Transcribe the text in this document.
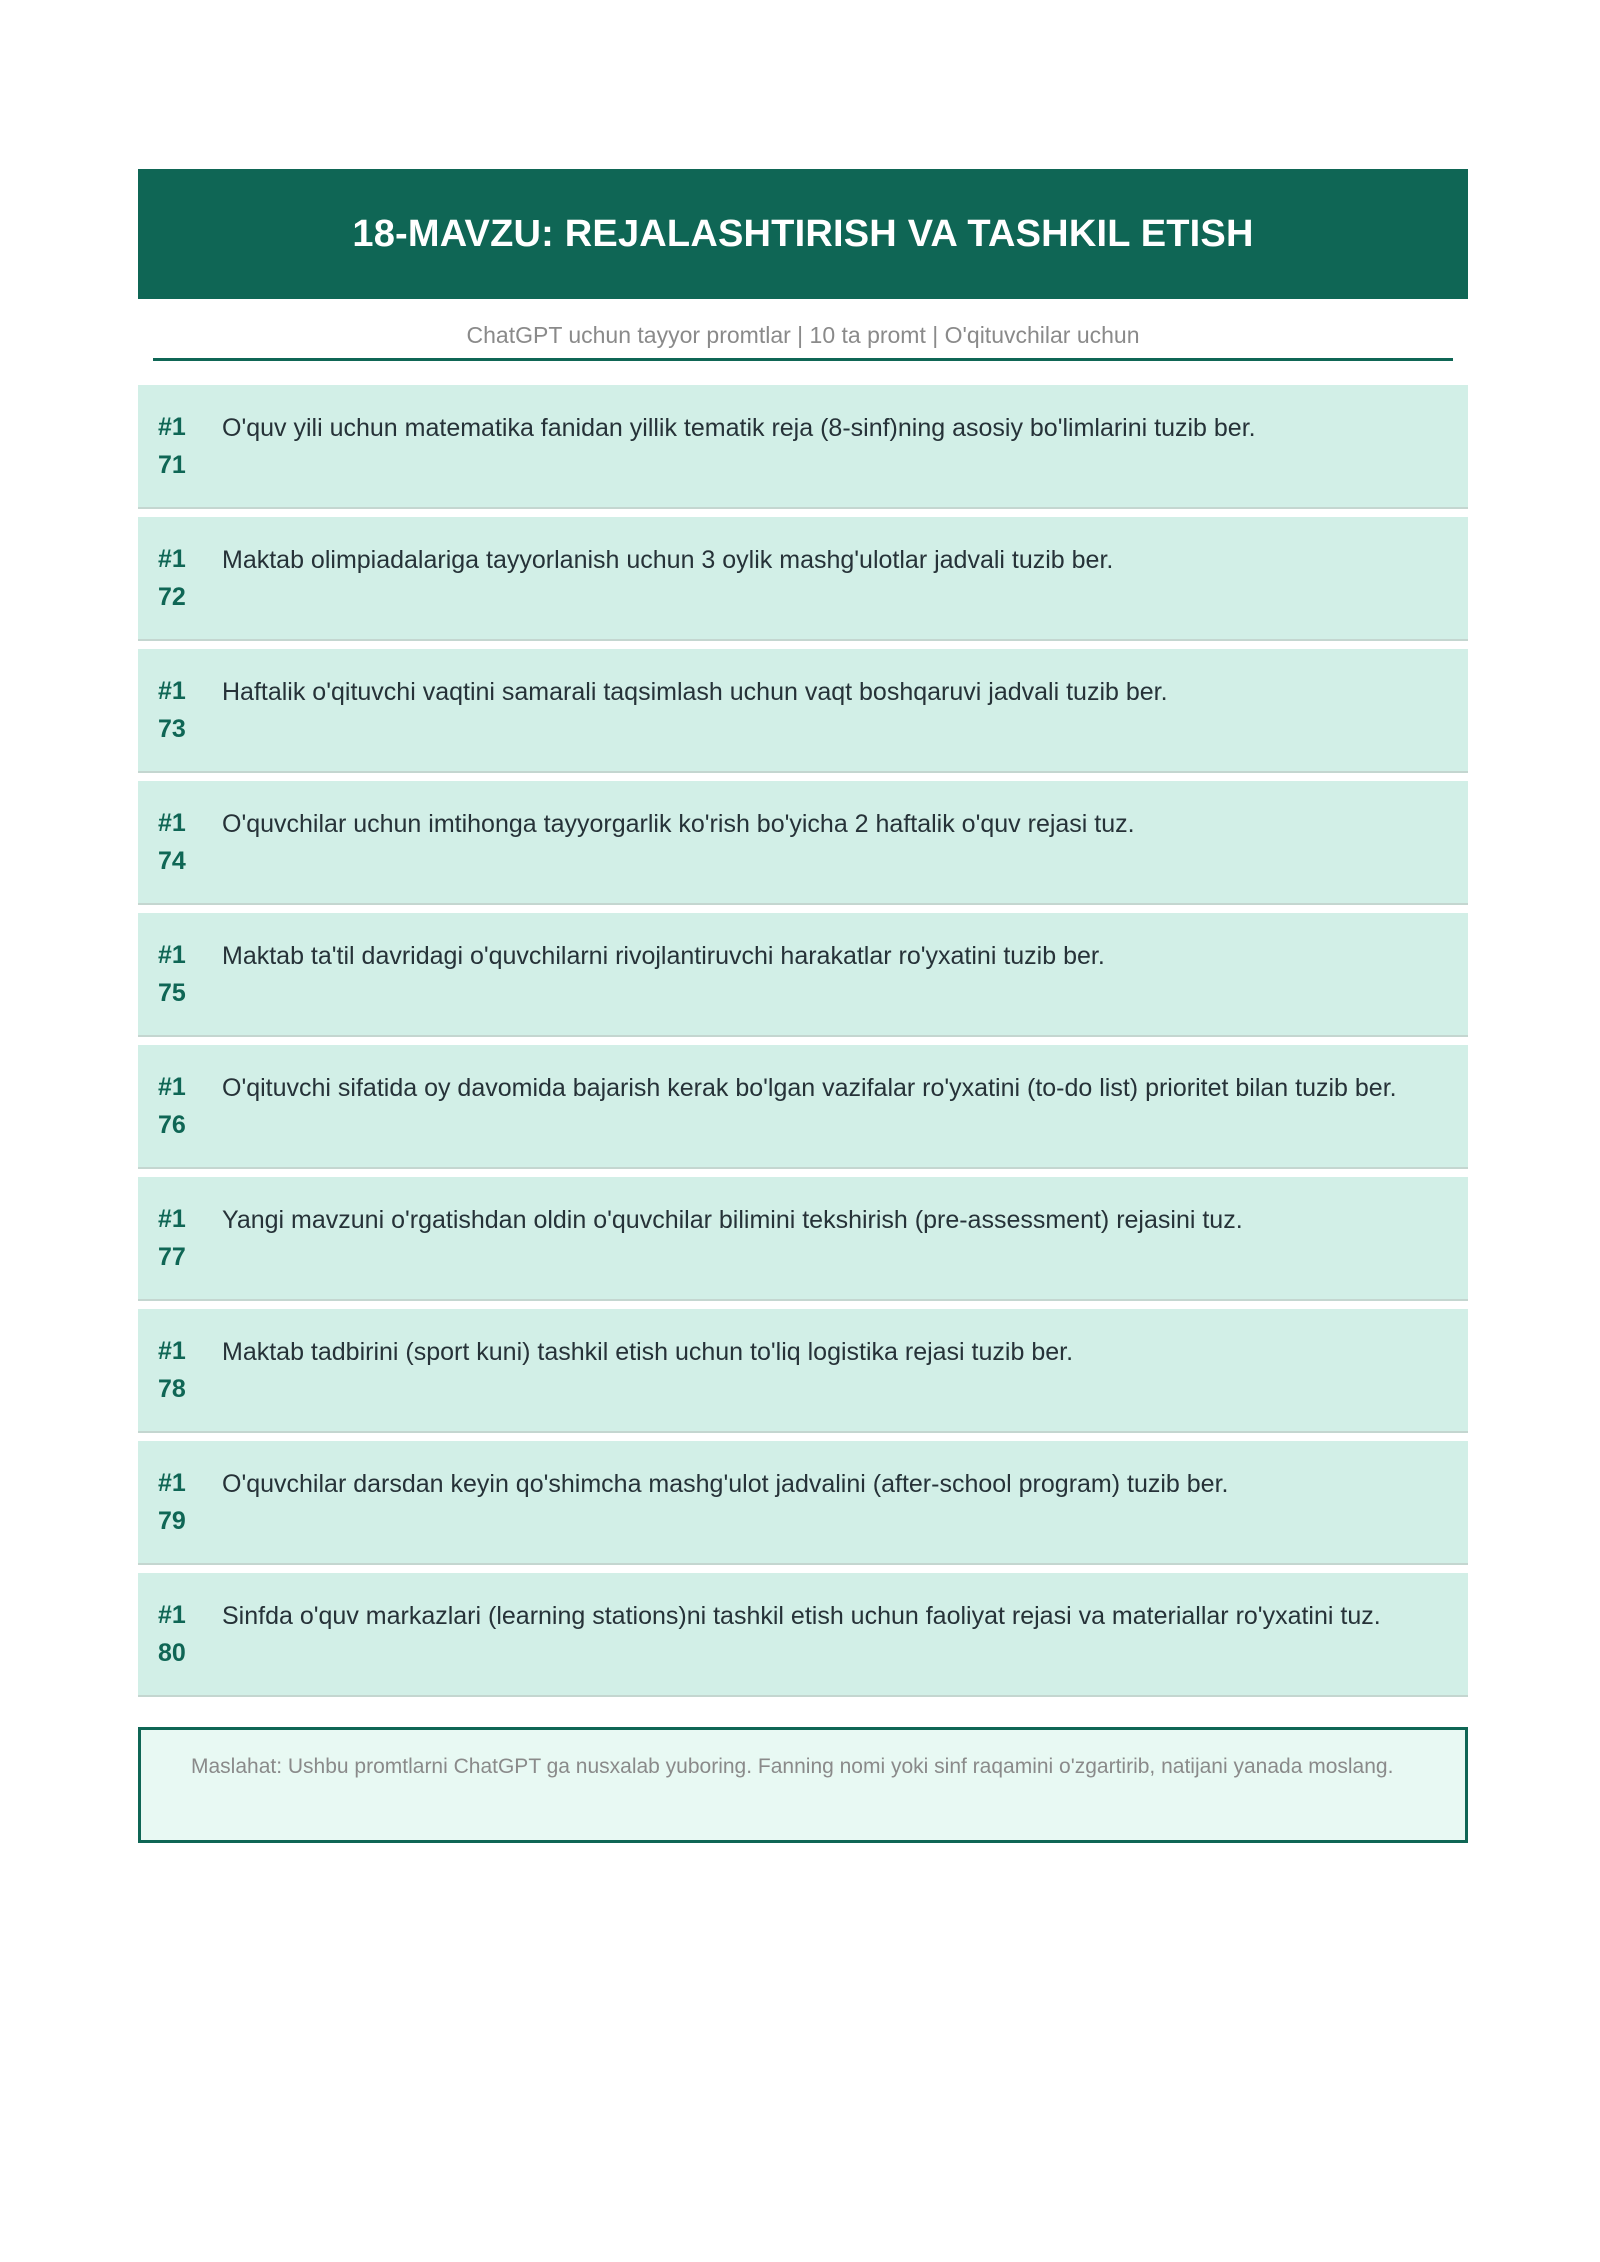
18-MAVZU: REJALASHTIRISH VA TASHKIL ETISH
ChatGPT uchun tayyor promtlar | 10 ta promt | O'qituvchilar uchun
#1
71
O'quv yili uchun matematika fanidan yillik tematik reja (8-sinf)ning asosiy bo'limlarini tuzib ber.
#1
72
Maktab olimpiadalariga tayyorlanish uchun 3 oylik mashg'ulotlar jadvali tuzib ber.
#1
73
Haftalik o'qituvchi vaqtini samarali taqsimlash uchun vaqt boshqaruvi jadvali tuzib ber.
#1
74
O'quvchilar uchun imtihonga tayyorgarlik ko'rish bo'yicha 2 haftalik o'quv rejasi tuz.
#1
75
Maktab ta'til davridagi o'quvchilarni rivojlantiruvchi harakatlar ro'yxatini tuzib ber.
#1
76
O'qituvchi sifatida oy davomida bajarish kerak bo'lgan vazifalar ro'yxatini (to-do list) prioritet bilan tuzib ber.
#1
77
Yangi mavzuni o'rgatishdan oldin o'quvchilar bilimini tekshirish (pre-assessment) rejasini tuz.
#1
78
Maktab tadbirini (sport kuni) tashkil etish uchun to'liq logistika rejasi tuzib ber.
#1
79
O'quvchilar darsdan keyin qo'shimcha mashg'ulot jadvalini (after-school program) tuzib ber.
#1
80
Sinfda o'quv markazlari (learning stations)ni tashkil etish uchun faoliyat rejasi va materiallar ro'yxatini tuz.
Maslahat: Ushbu promtlarni ChatGPT ga nusxalab yuboring. Fanning nomi yoki sinf raqamini o'zgartirib, natijani yanada moslang.
